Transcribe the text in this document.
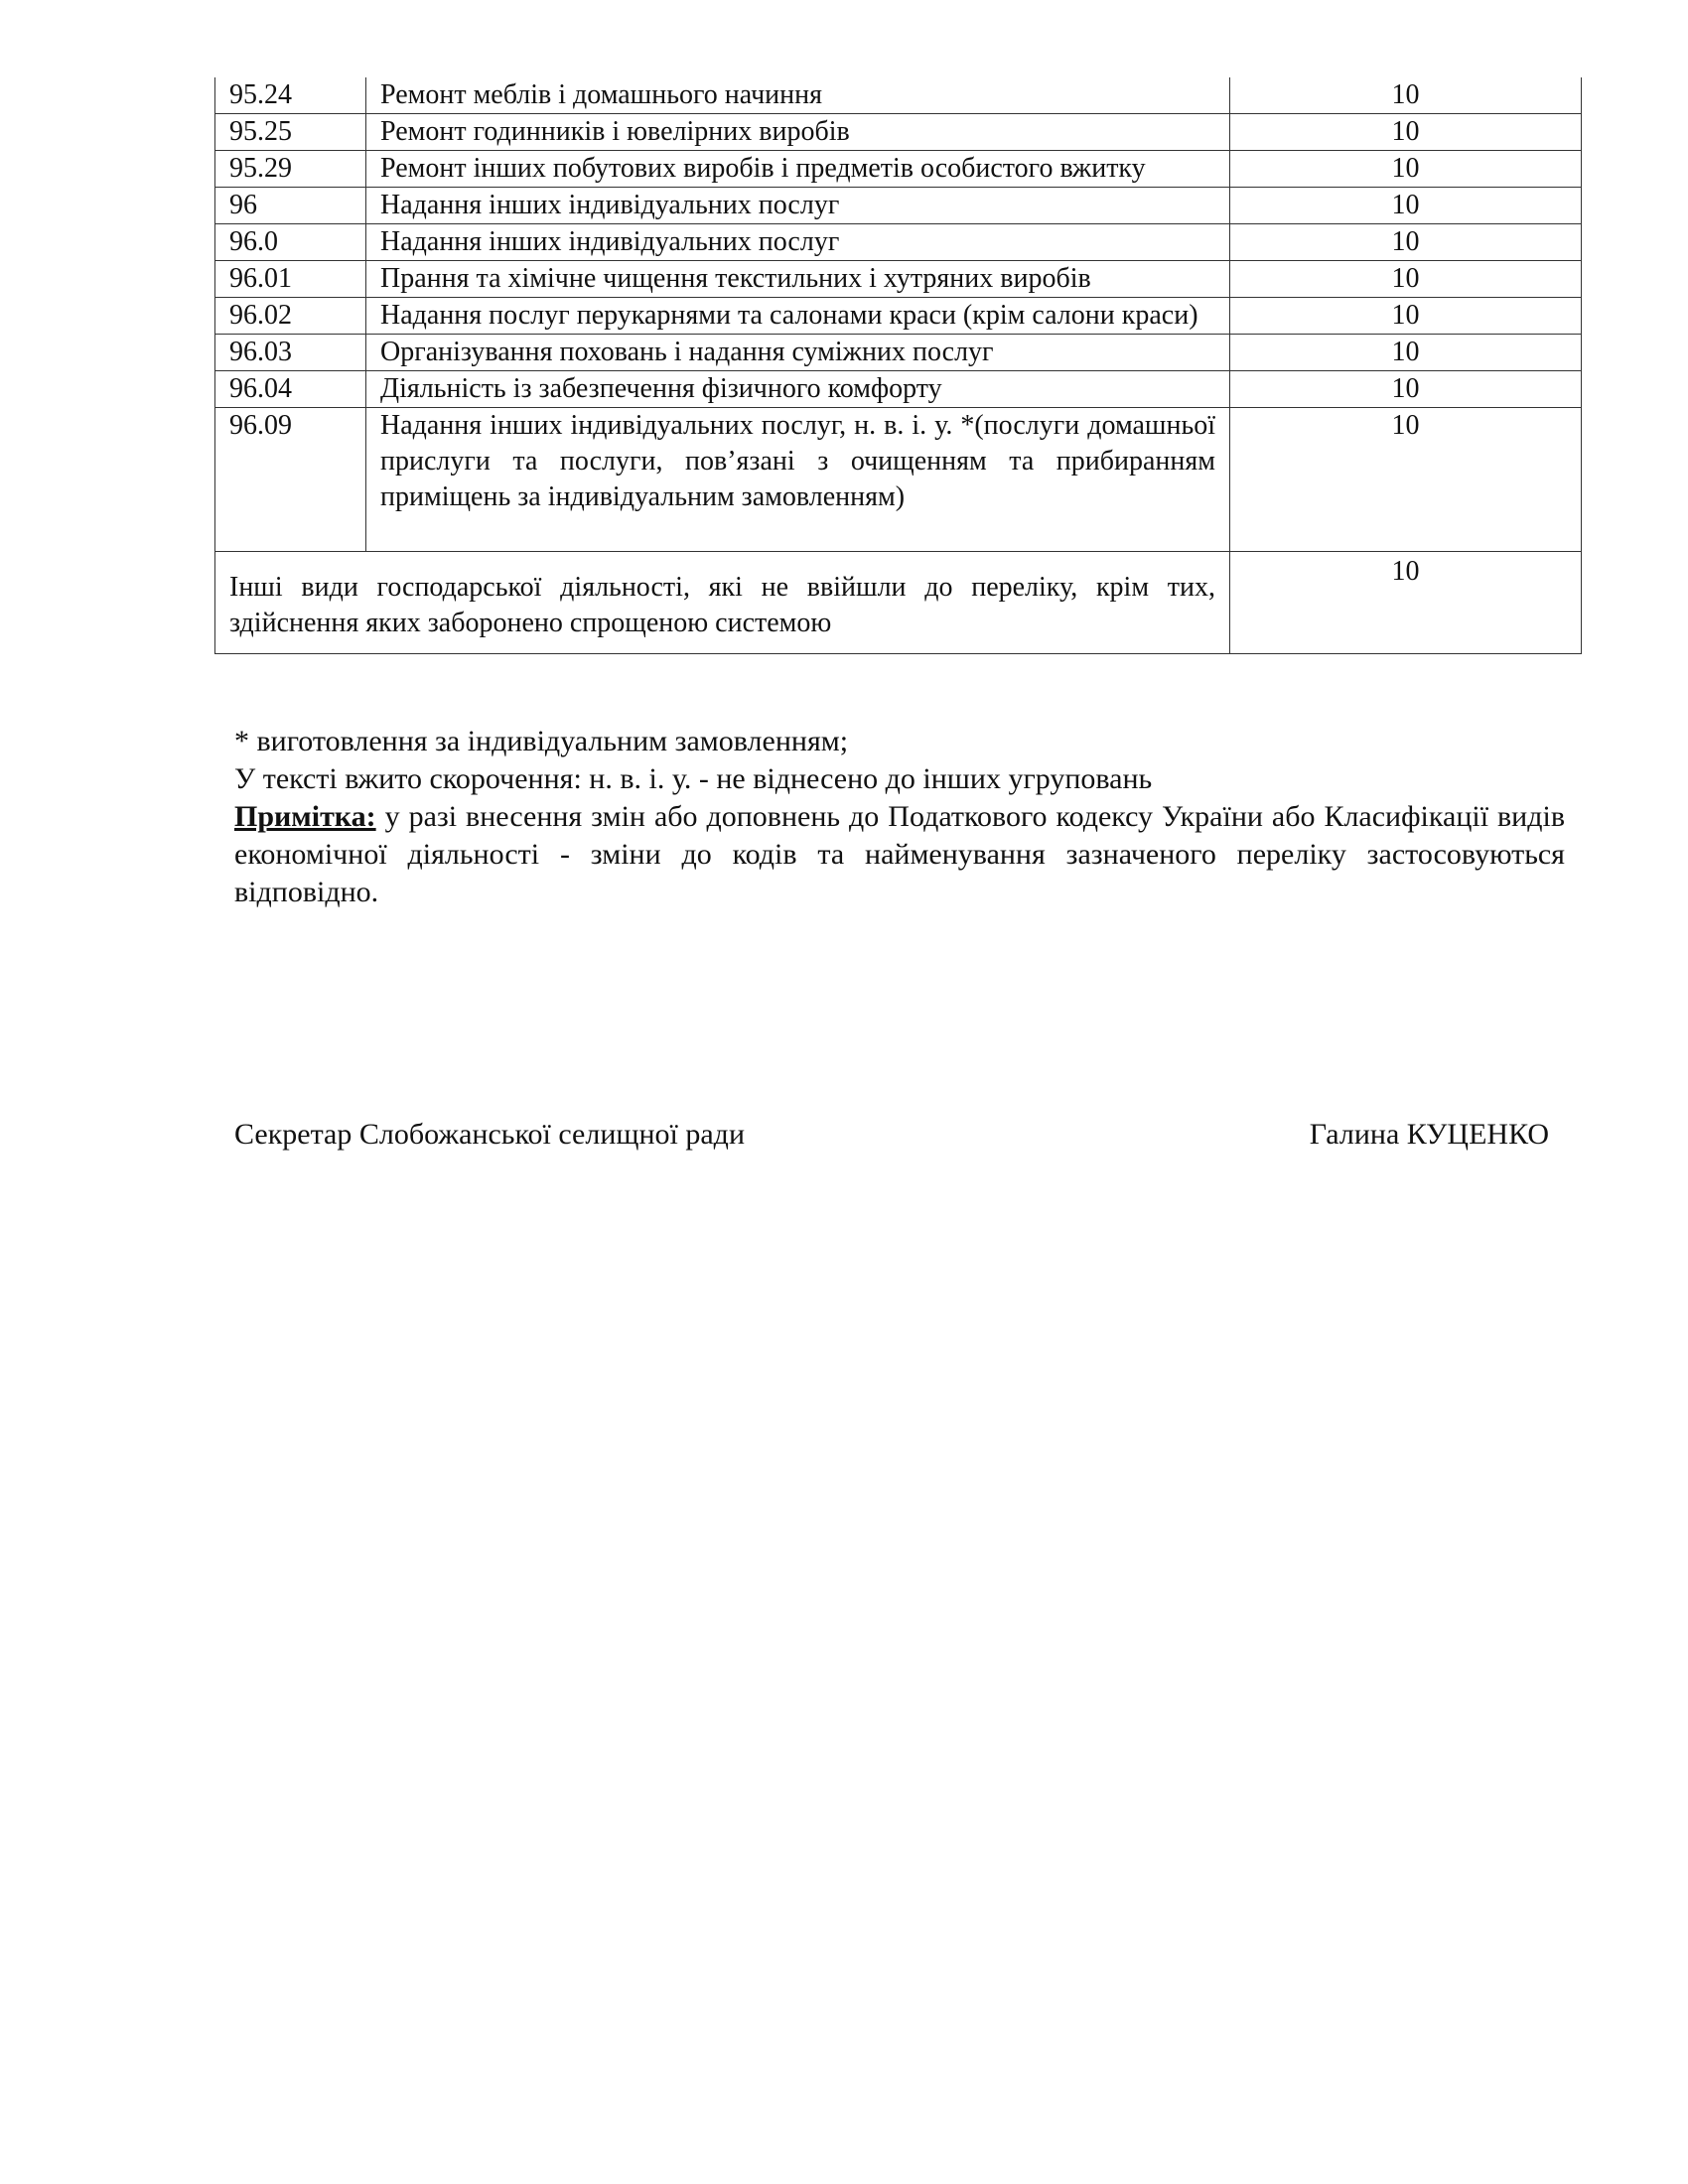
95.24	Ремонт меблів і домашнього начиння	10
95.25	Ремонт годинників і ювелірних виробів	10
95.29	Ремонт інших побутових виробів і предметів особистого вжитку	10
96	Надання інших індивідуальних послуг	10
96.0	Надання інших індивідуальних послуг	10
96.01	Прання та хімічне чищення текстильних і хутряних виробів	10
96.02	Надання послуг перукарнями та салонами краси (крім салони краси)	10
96.03	Організування поховань і надання суміжних послуг	10
96.04	Діяльність із забезпечення фізичного комфорту	10
96.09	Надання інших індивідуальних послуг, н. в. і. у. *(послуги домашньої прислуги та послуги, пов’язані з очищенням та прибиранням приміщень за індивідуальним замовленням)	10
Інші види господарської діяльності, які не ввійшли до переліку, крім тих, здійснення яких заборонено спрощеною системою		10

* виготовлення за індивідуальним замовленням;

У тексті вжито скорочення: н. в. і. у. - не віднесено до інших угруповань

Примітка: у разі внесення змін або доповнень до Податкового кодексу України або Класифікації видів економічної діяльності - зміни до кодів та найменування зазначеного переліку застосовуються відповідно.

Секретар Слобожанської селищної ради	Галина КУЦЕНКО
